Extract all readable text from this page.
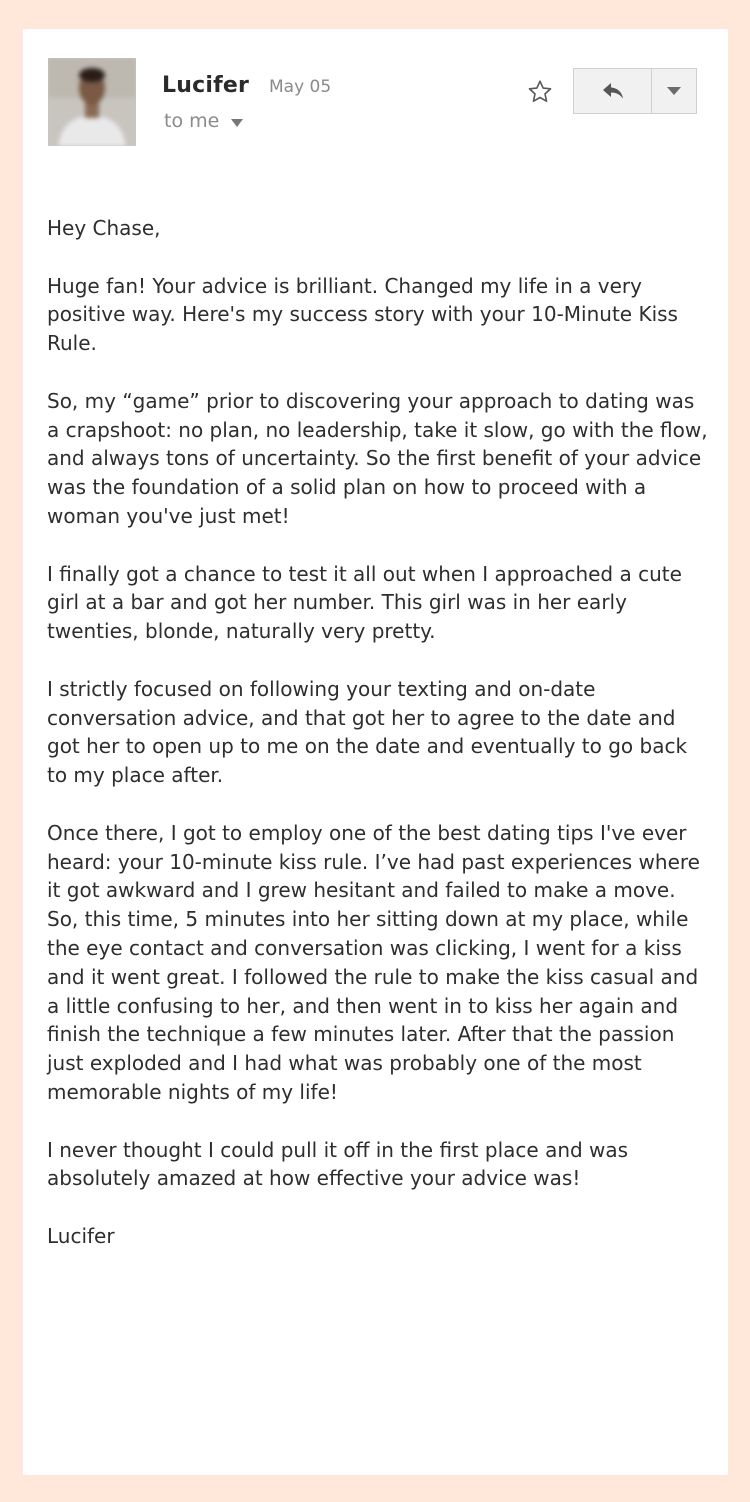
Lucifer May 05
to me

Hey Chase,

Huge fan! Your advice is brilliant. Changed my life in a very positive way. Here's my success story with your 10-Minute Kiss Rule.

So, my “game” prior to discovering your approach to dating was a crapshoot: no plan, no leadership, take it slow, go with the flow, and always tons of uncertainty. So the first benefit of your advice was the foundation of a solid plan on how to proceed with a woman you've just met!

I finally got a chance to test it all out when I approached a cute girl at a bar and got her number. This girl was in her early twenties, blonde, naturally very pretty.

I strictly focused on following your texting and on-date conversation advice, and that got her to agree to the date and got her to open up to me on the date and eventually to go back to my place after.

Once there, I got to employ one of the best dating tips I've ever heard: your 10-minute kiss rule. I’ve had past experiences where it got awkward and I grew hesitant and failed to make a move. So, this time, 5 minutes into her sitting down at my place, while the eye contact and conversation was clicking, I went for a kiss and it went great. I followed the rule to make the kiss casual and a little confusing to her, and then went in to kiss her again and finish the technique a few minutes later. After that the passion just exploded and I had what was probably one of the most memorable nights of my life!

I never thought I could pull it off in the first place and was absolutely amazed at how effective your advice was!

Lucifer
